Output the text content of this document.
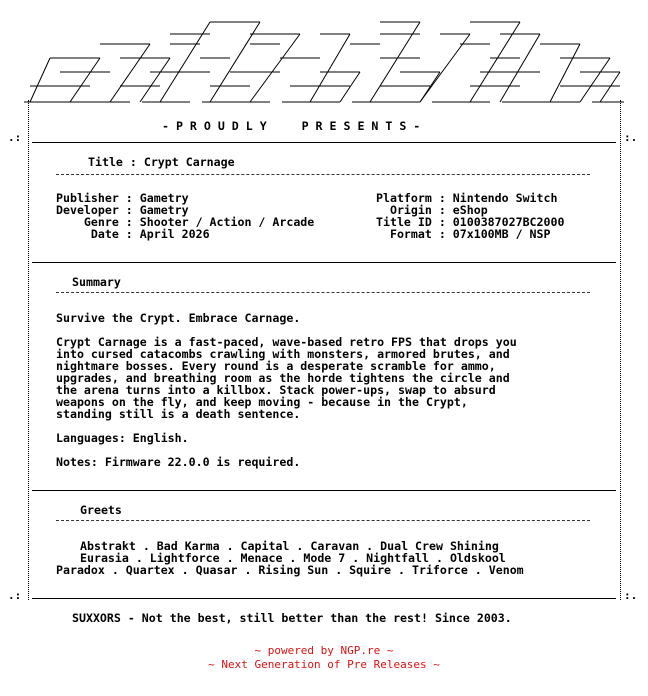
.:	:.
.:	:.
- P R O U D L Y     P R E S E N T S -
Title : Crypt Carnage
Publisher : Gametry
Developer : Gametry
Genre : Shooter / Action / Arcade
Date : April 2026
Platform : Nintendo Switch
Origin : eShop
Title ID : 0100387027BC2000
Format : 07x100MB / NSP
Summary
Survive the Crypt. Embrace Carnage.
Crypt Carnage is a fast-paced, wave-based retro FPS that drops you
into cursed catacombs crawling with monsters, armored brutes, and
nightmare bosses. Every round is a desperate scramble for ammo,
upgrades, and breathing room as the horde tightens the circle and
the arena turns into a killbox. Stack power-ups, swap to absurd
weapons on the fly, and keep moving - because in the Crypt,
standing still is a death sentence.
Languages: English.
Notes: Firmware 22.0.0 is required.
Greets
Abstrakt . Bad Karma . Capital . Caravan . Dual Crew Shining
Eurasia . Lightforce . Menace . Mode 7 . Nightfall . Oldskool
Paradox . Quartex . Quasar . Rising Sun . Squire . Triforce . Venom
SUXXORS - Not the best, still better than the rest! Since 2003.
~ powered by NGP.re ~
~ Next Generation of Pre Releases ~
